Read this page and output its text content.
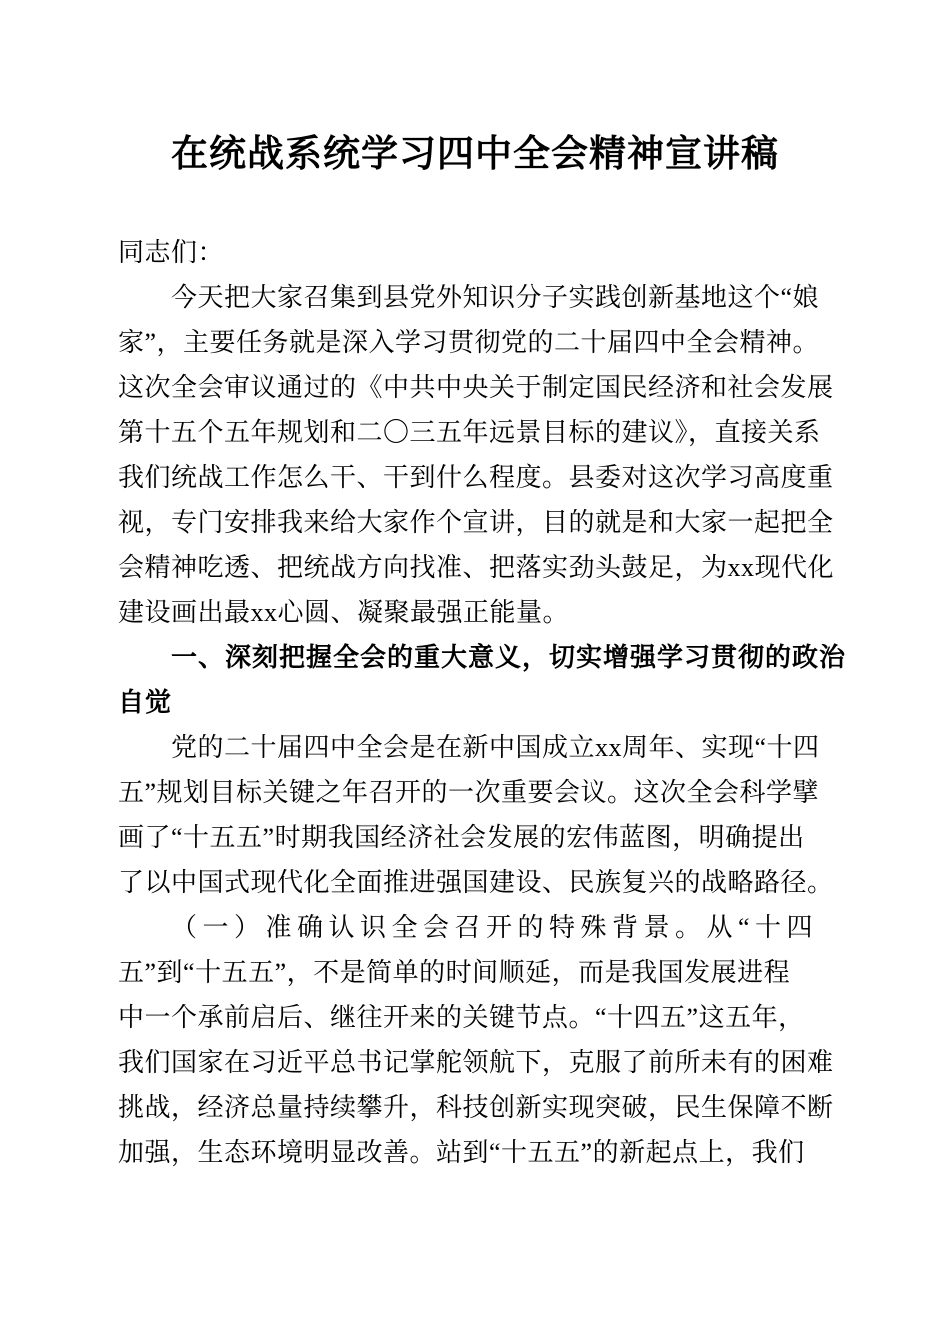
在统战系统学习四中全会精神宣讲稿
同志们：
今天把大家召集到县党外知识分子实践创新基地这个“娘
家”，主要任务就是深入学习贯彻党的二十届四中全会精神。
这次全会审议通过的《中共中央关于制定国民经济和社会发展
第十五个五年规划和二〇三五年远景目标的建议》，直接关系
我们统战工作怎么干、干到什么程度。县委对这次学习高度重
视，专门安排我来给大家作个宣讲，目的就是和大家一起把全
会精神吃透、把统战方向找准、把落实劲头鼓足，为xx现代化
建设画出最xx心圆、凝聚最强正能量。
一、深刻把握全会的重大意义，切实增强学习贯彻的政治
自觉
党的二十届四中全会是在新中国成立xx周年、实现“十四
五”规划目标关键之年召开的一次重要会议。这次全会科学擘
画了“十五五”时期我国经济社会发展的宏伟蓝图，明确提出
了以中国式现代化全面推进强国建设、民族复兴的战略路径。
（一）准确认识全会召开的特殊背景。从“十四
五”到“十五五”，不是简单的时间顺延，而是我国发展进程
中一个承前启后、继往开来的关键节点。“十四五”这五年，
我们国家在习近平总书记掌舵领航下，克服了前所未有的困难
挑战，经济总量持续攀升，科技创新实现突破，民生保障不断
加强，生态环境明显改善。站到“十五五”的新起点上，我们
